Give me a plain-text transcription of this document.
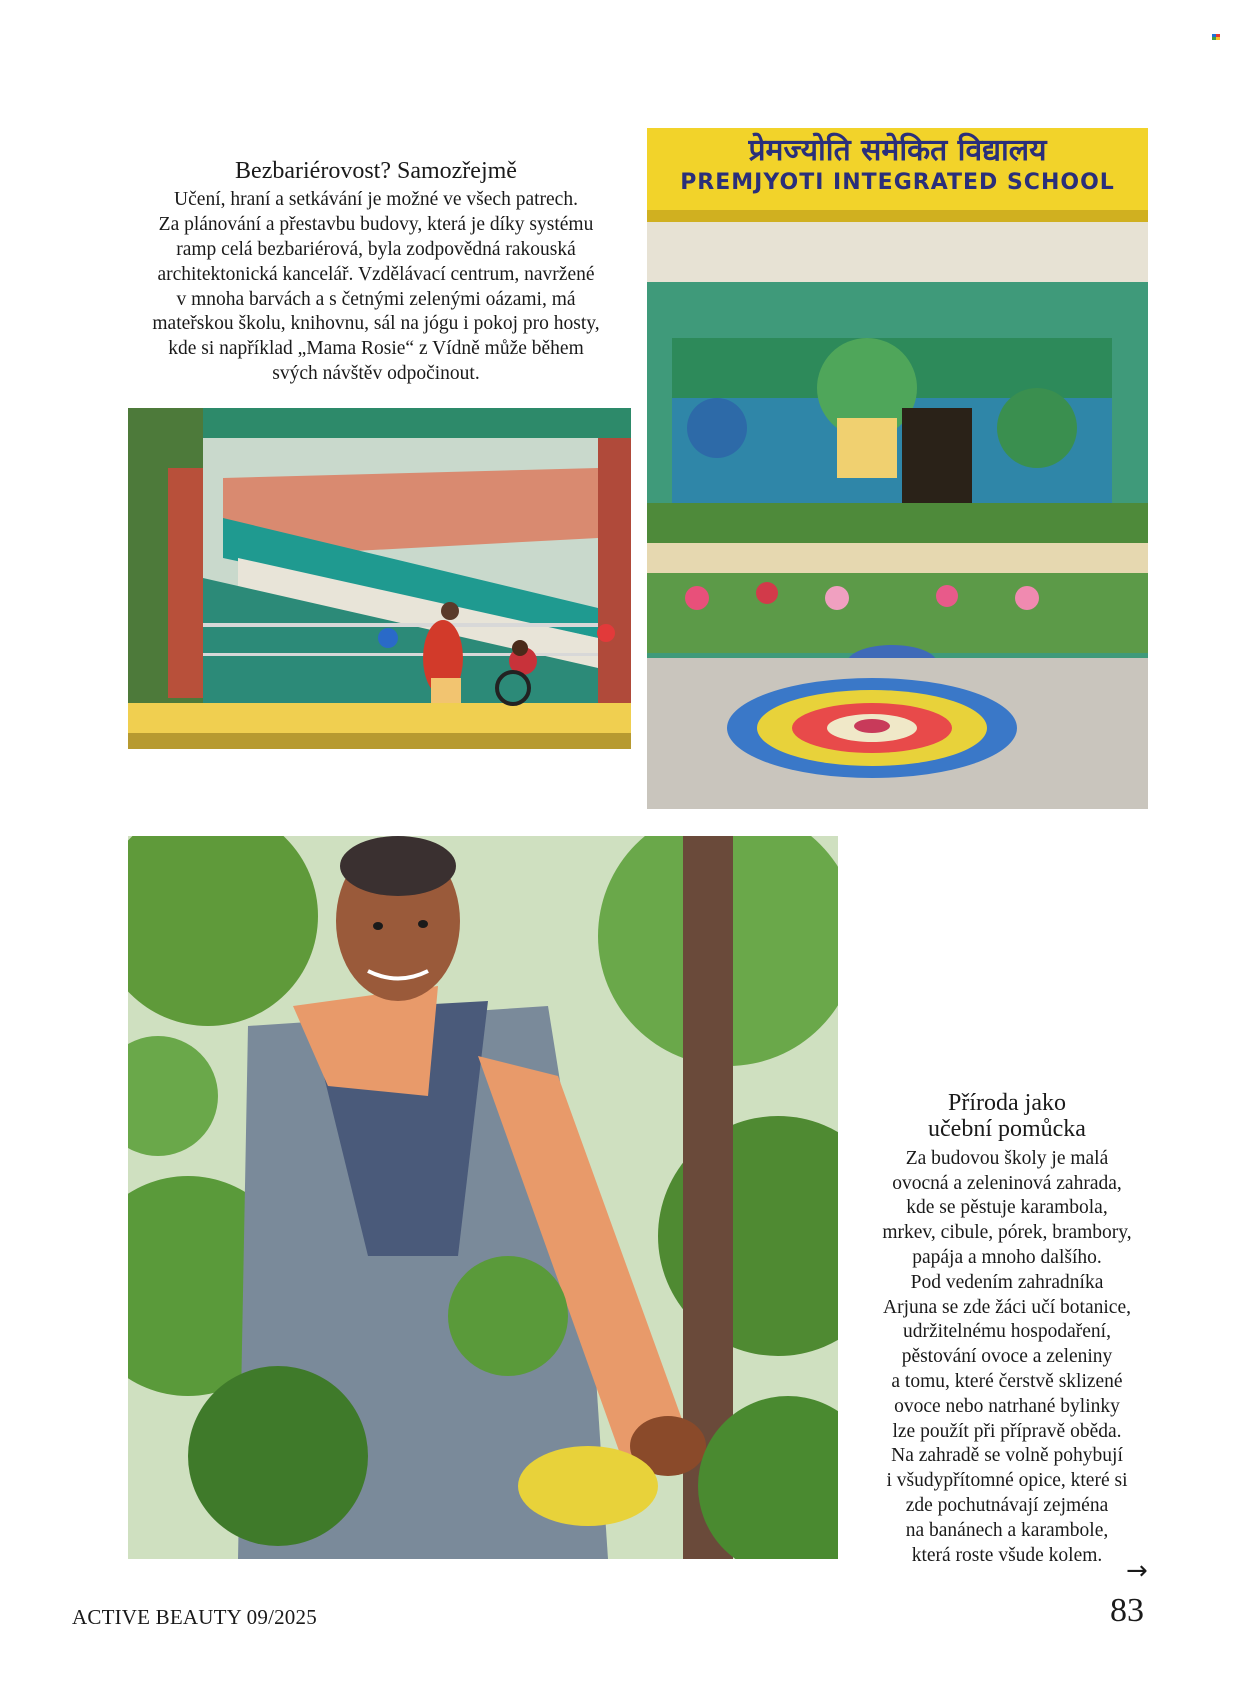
Bezbariérovost? Samozřejmě

Učení, hraní a setkávání je možné ve všech patrech.

Za plánování a přestavbu budovy, která je díky systému

ramp celá bezbariérová, byla zodpovědná rakouská

architektonická kancelář. Vzdělávací centrum, navržené

v mnoha barvách a s četnými zelenými oázami, má

mateřskou školu, knihovnu, sál na jógu i pokoj pro hosty,

kde si například „Mama Rosie“ z Vídně může během

svých návštěv odpočinout.

प्रेमज्योति समेकित विद्यालय
PREMJYOTI INTEGRATED SCHOOL
Příroda jako
učební pomůcka

Za budovou školy je malá

ovocná a zeleninová zahrada,

kde se pěstuje karambola,

mrkev, cibule, pórek, brambory,

papája a mnoho dalšího.

Pod vedením zahradníka

Arjuna se zde žáci učí botanice,

udržitelnému hospodaření,

pěstování ovoce a zeleniny

a tomu, které čerstvě sklizené

ovoce nebo natrhané bylinky

lze použít při přípravě oběda.

Na zahradě se volně pohybují

i všudypřítomné opice, které si

zde pochutnávají zejména

na banánech a karambole,

která roste všude kolem.

→
ACTIVE BEAUTY 09/2025	83
